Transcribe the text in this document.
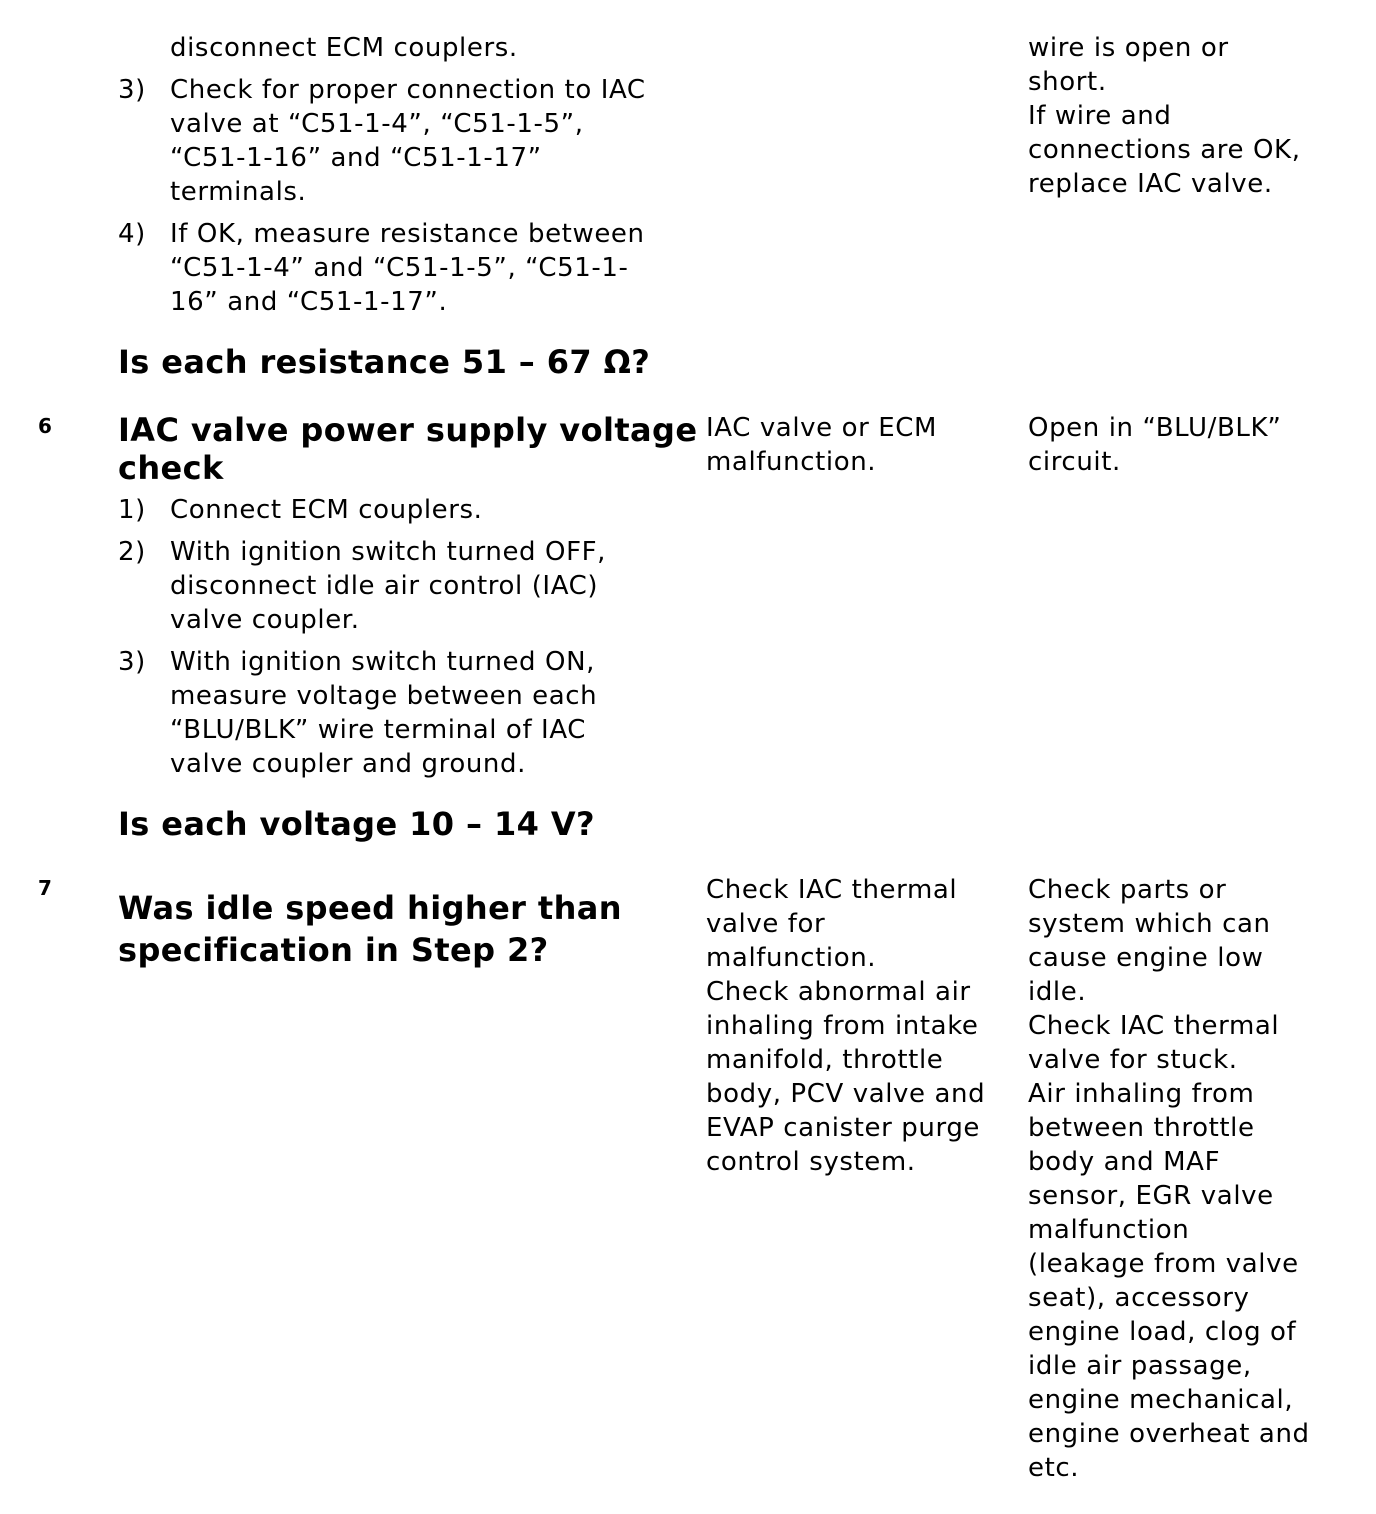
disconnect ECM couplers.
3) Check for proper connection to IAC
valve at “C51-1-4”, “C51-1-5”,
“C51-1-16” and “C51-1-17”
terminals.
4) If OK, measure resistance between
“C51-1-4” and “C51-1-5”, “C51-1-
16” and “C51-1-17”.
Is each resistance 51 – 67 Ω?
wire is open or
short.
If wire and
connections are OK,
replace IAC valve.
6 IAC valve power supply voltage
check
1) Connect ECM couplers.
2) With ignition switch turned OFF,
disconnect idle air control (IAC)
valve coupler.
3) With ignition switch turned ON,
measure voltage between each
“BLU/BLK” wire terminal of IAC
valve coupler and ground.
Is each voltage 10 – 14 V?
IAC valve or ECM
malfunction.
Open in “BLU/BLK”
circuit.
7
Was idle speed higher than
specification in Step 2?
Check IAC thermal
valve for
malfunction.
Check abnormal air
inhaling from intake
manifold, throttle
body, PCV valve and
EVAP canister purge
control system.
Check parts or
system which can
cause engine low
idle.
Check IAC thermal
valve for stuck.
Air inhaling from
between throttle
body and MAF
sensor, EGR valve
malfunction
(leakage from valve
seat), accessory
engine load, clog of
idle air passage,
engine mechanical,
engine overheat and
etc.
